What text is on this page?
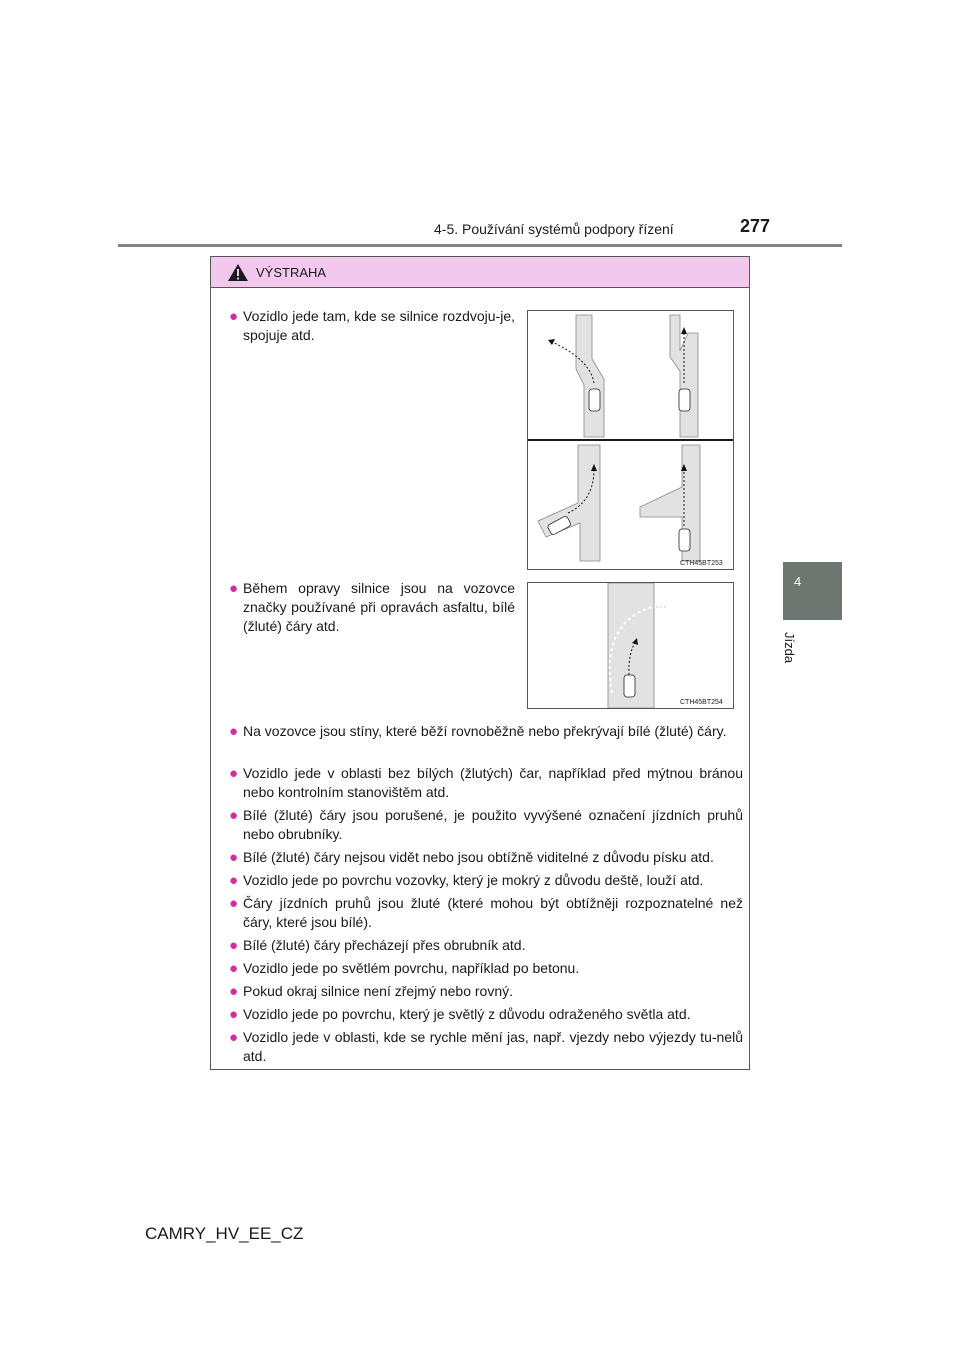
4-5. Používání systémů podpory řízení	277
4
Jízda
VÝSTRAHA
● Vozidlo jede tam, kde se silnice rozdvoju-je, spojuje atd.
CTH45BT253
● Během opravy silnice jsou na vozovce značky používané při opravách asfaltu, bílé (žluté) čáry atd.
CTH45BT254
● Na vozovce jsou stíny, které běží rovnoběžně nebo překrývají bílé (žluté) čáry.
● Vozidlo jede v oblasti bez bílých (žlutých) čar, například před mýtnou bránou nebo kontrolním stanovištěm atd.
● Bílé (žluté) čáry jsou porušené, je použito vyvýšené označení jízdních pruhů nebo obrubníky.
● Bílé (žluté) čáry nejsou vidět nebo jsou obtížně viditelné z důvodu písku atd.
● Vozidlo jede po povrchu vozovky, který je mokrý z důvodu deště, louží atd.
● Čáry jízdních pruhů jsou žluté (které mohou být obtížněji rozpoznatelné než čáry, které jsou bílé).
● Bílé (žluté) čáry přecházejí přes obrubník atd.
● Vozidlo jede po světlém povrchu, například po betonu.
● Pokud okraj silnice není zřejmý nebo rovný.
● Vozidlo jede po povrchu, který je světlý z důvodu odraženého světla atd.
● Vozidlo jede v oblasti, kde se rychle mění jas, např. vjezdy nebo výjezdy tu-nelů atd.
CAMRY_HV_EE_CZ
